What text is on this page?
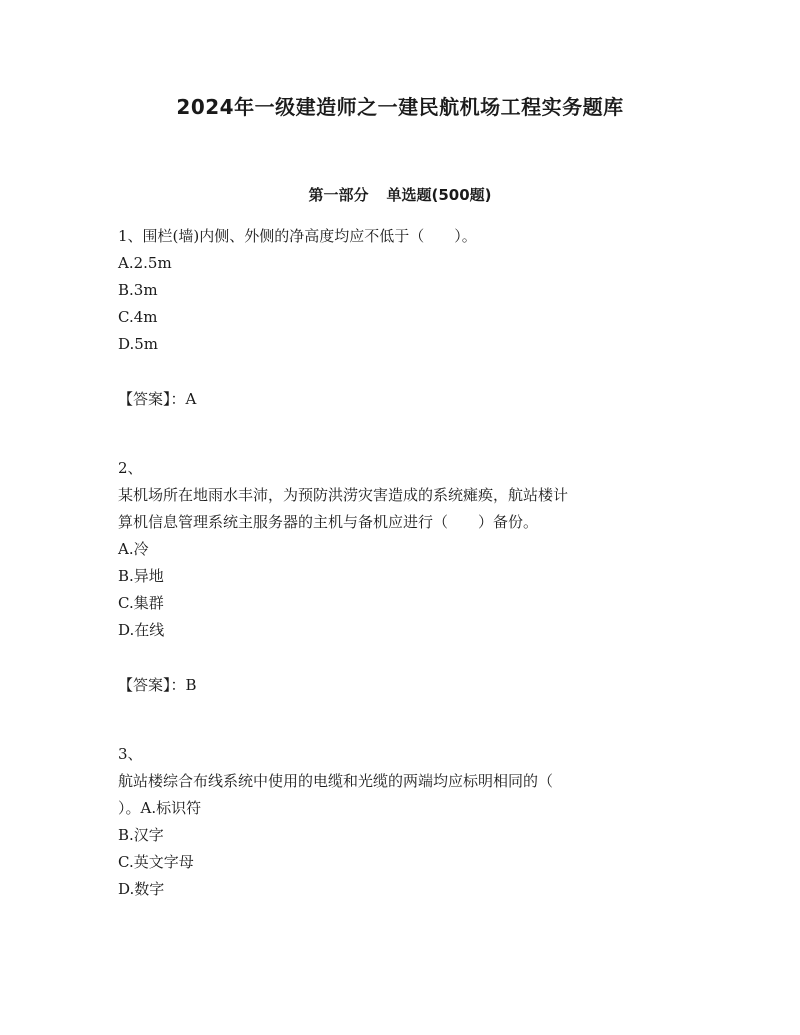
2024年一级建造师之一建民航机场工程实务题库
第一部分 单选题(500题)
1、围栏(墙)内侧、外侧的净高度均应不低于（　　）。
A.2.5m
B.3m
C.4m
D.5m
【答案】：A
2、
某机场所在地雨水丰沛，为预防洪涝灾害造成的系统瘫痪，航站楼计
算机信息管理系统主服务器的主机与备机应进行（　　）备份。
A.冷
B.异地
C.集群
D.在线
【答案】：B
3、
航站楼综合布线系统中使用的电缆和光缆的两端均应标明相同的（
）。A.标识符
B.汉字
C.英文字母
D.数字
